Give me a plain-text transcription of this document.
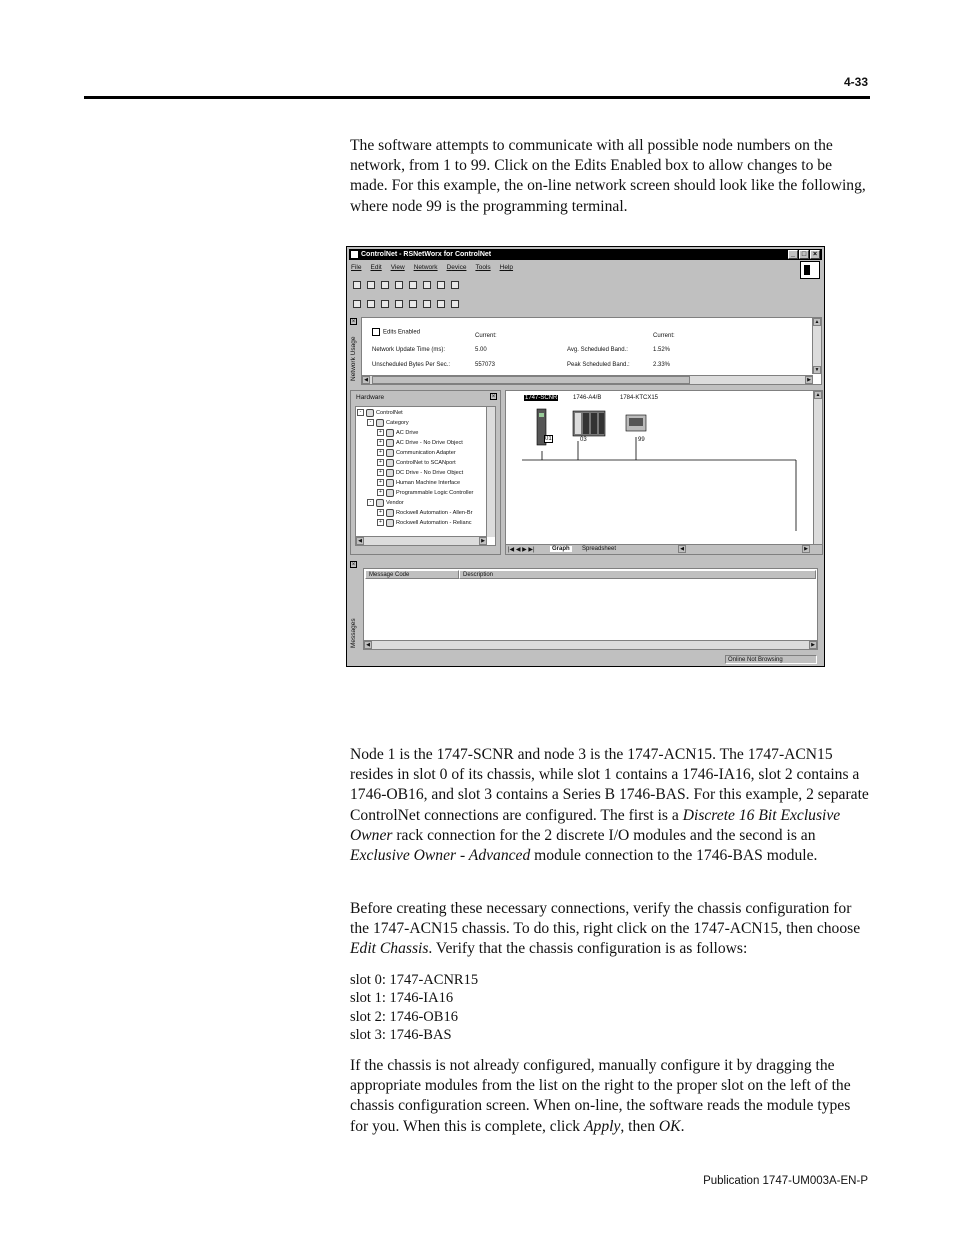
4-33
The software attempts to communicate with all possible node numbers on the network, from 1 to 99. Click on the Edits Enabled box to allow changes to be made. For this example, the on-line network screen should look like the following, where node 99 is the programming terminal.
ControlNet - RSNetWorx for ControlNet	_ □ ×
File Edit View Network Device Tools Help
×
Network Usage
Edits Enabled
Current:	Current:
Network Update Time (ms):	5.00	Avg. Scheduled Band.:	1.52%
Unscheduled Bytes Per Sec.:	557073	Peak Scheduled Band.:	2.33%
▲
▼
◀	▶
Hardware	×
-	ControlNet
-	Category
+	AC Drive
+	AC Drive - No Drive Object
+	Communication Adapter
+	ControlNet to SCANport
+	DC Drive - No Drive Object
+	Human Machine Interface
+	Programmable Logic Controller
-	Vendor
+	Rockwell Automation - Allen-Br
+	Rockwell Automation - Relianc
◀	▶
1747-SCNR	1746-A4/B	1784-KTCX15
01	03	99
▲
|◀ ◀ ▶ ▶|	Graph	Spreadsheet	◀	▶
×
Messages
Message Code	Description
◀	▶
Online Not Browsing
Node 1 is the 1747-SCNR and node 3 is the 1747-ACN15. The 1747-ACN15 resides in slot 0 of its chassis, while slot 1 contains a 1746-IA16, slot 2 contains a 1746-OB16, and slot 3 contains a Series B 1746-BAS. For this example, 2 separate ControlNet connections are configured. The first is a Discrete 16 Bit Exclusive Owner rack connection for the 2 discrete I/O modules and the second is an Exclusive Owner - Advanced module connection to the 1746-BAS module.
Before creating these necessary connections, verify the chassis configuration for the 1747-ACN15 chassis. To do this, right click on the 1747-ACN15, then choose Edit Chassis. Verify that the chassis configuration is as follows:
slot 0: 1747-ACNR15
slot 1: 1746-IA16
slot 2: 1746-OB16
slot 3: 1746-BAS
If the chassis is not already configured, manually configure it by dragging the appropriate modules from the list on the right to the proper slot on the left of the chassis configuration screen. When on-line, the software reads the module types for you. When this is complete, click Apply, then OK.
Publication 1747-UM003A-EN-P
